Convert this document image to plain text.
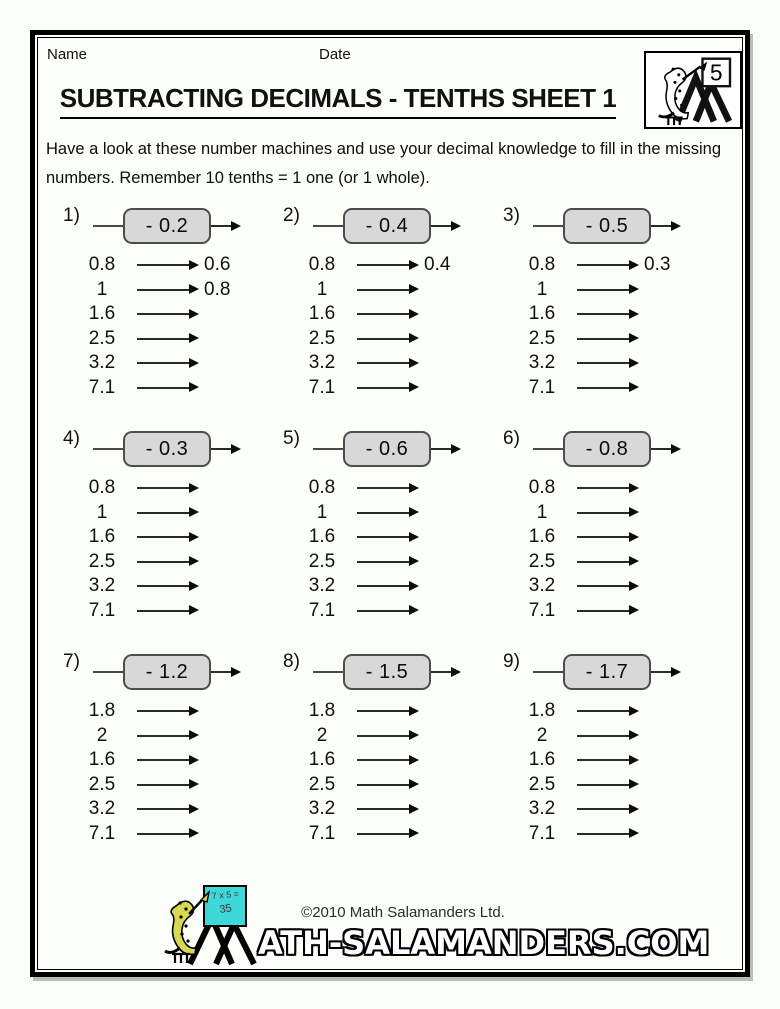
Name	Date
SUBTRACTING DECIMALS - TENTHS SHEET 1
5

Have a look at these number machines and use your decimal knowledge to fill in the missing numbers. Remember 10 tenths = 1 one (or 1 whole).

1)	- 0.2
0.8	0.6
1	0.8
1.6
2.5
3.2
7.1
2)	- 0.4
0.8	0.4
1
1.6
2.5
3.2
7.1
3)	- 0.5
0.8	0.3
1
1.6
2.5
3.2
7.1
4)	- 0.3
0.8
1
1.6
2.5
3.2
7.1
5)	- 0.6
0.8
1
1.6
2.5
3.2
7.1
6)	- 0.8
0.8
1
1.6
2.5
3.2
7.1
7)	- 1.2
1.8
2
1.6
2.5
3.2
7.1
8)	- 1.5
1.8
2
1.6
2.5
3.2
7.1
9)	- 1.7
1.8
2
1.6
2.5
3.2
7.1
©2010 Math Salamanders Ltd.
7 x 5 =
35
ATH-SALAMANDERS.COM
